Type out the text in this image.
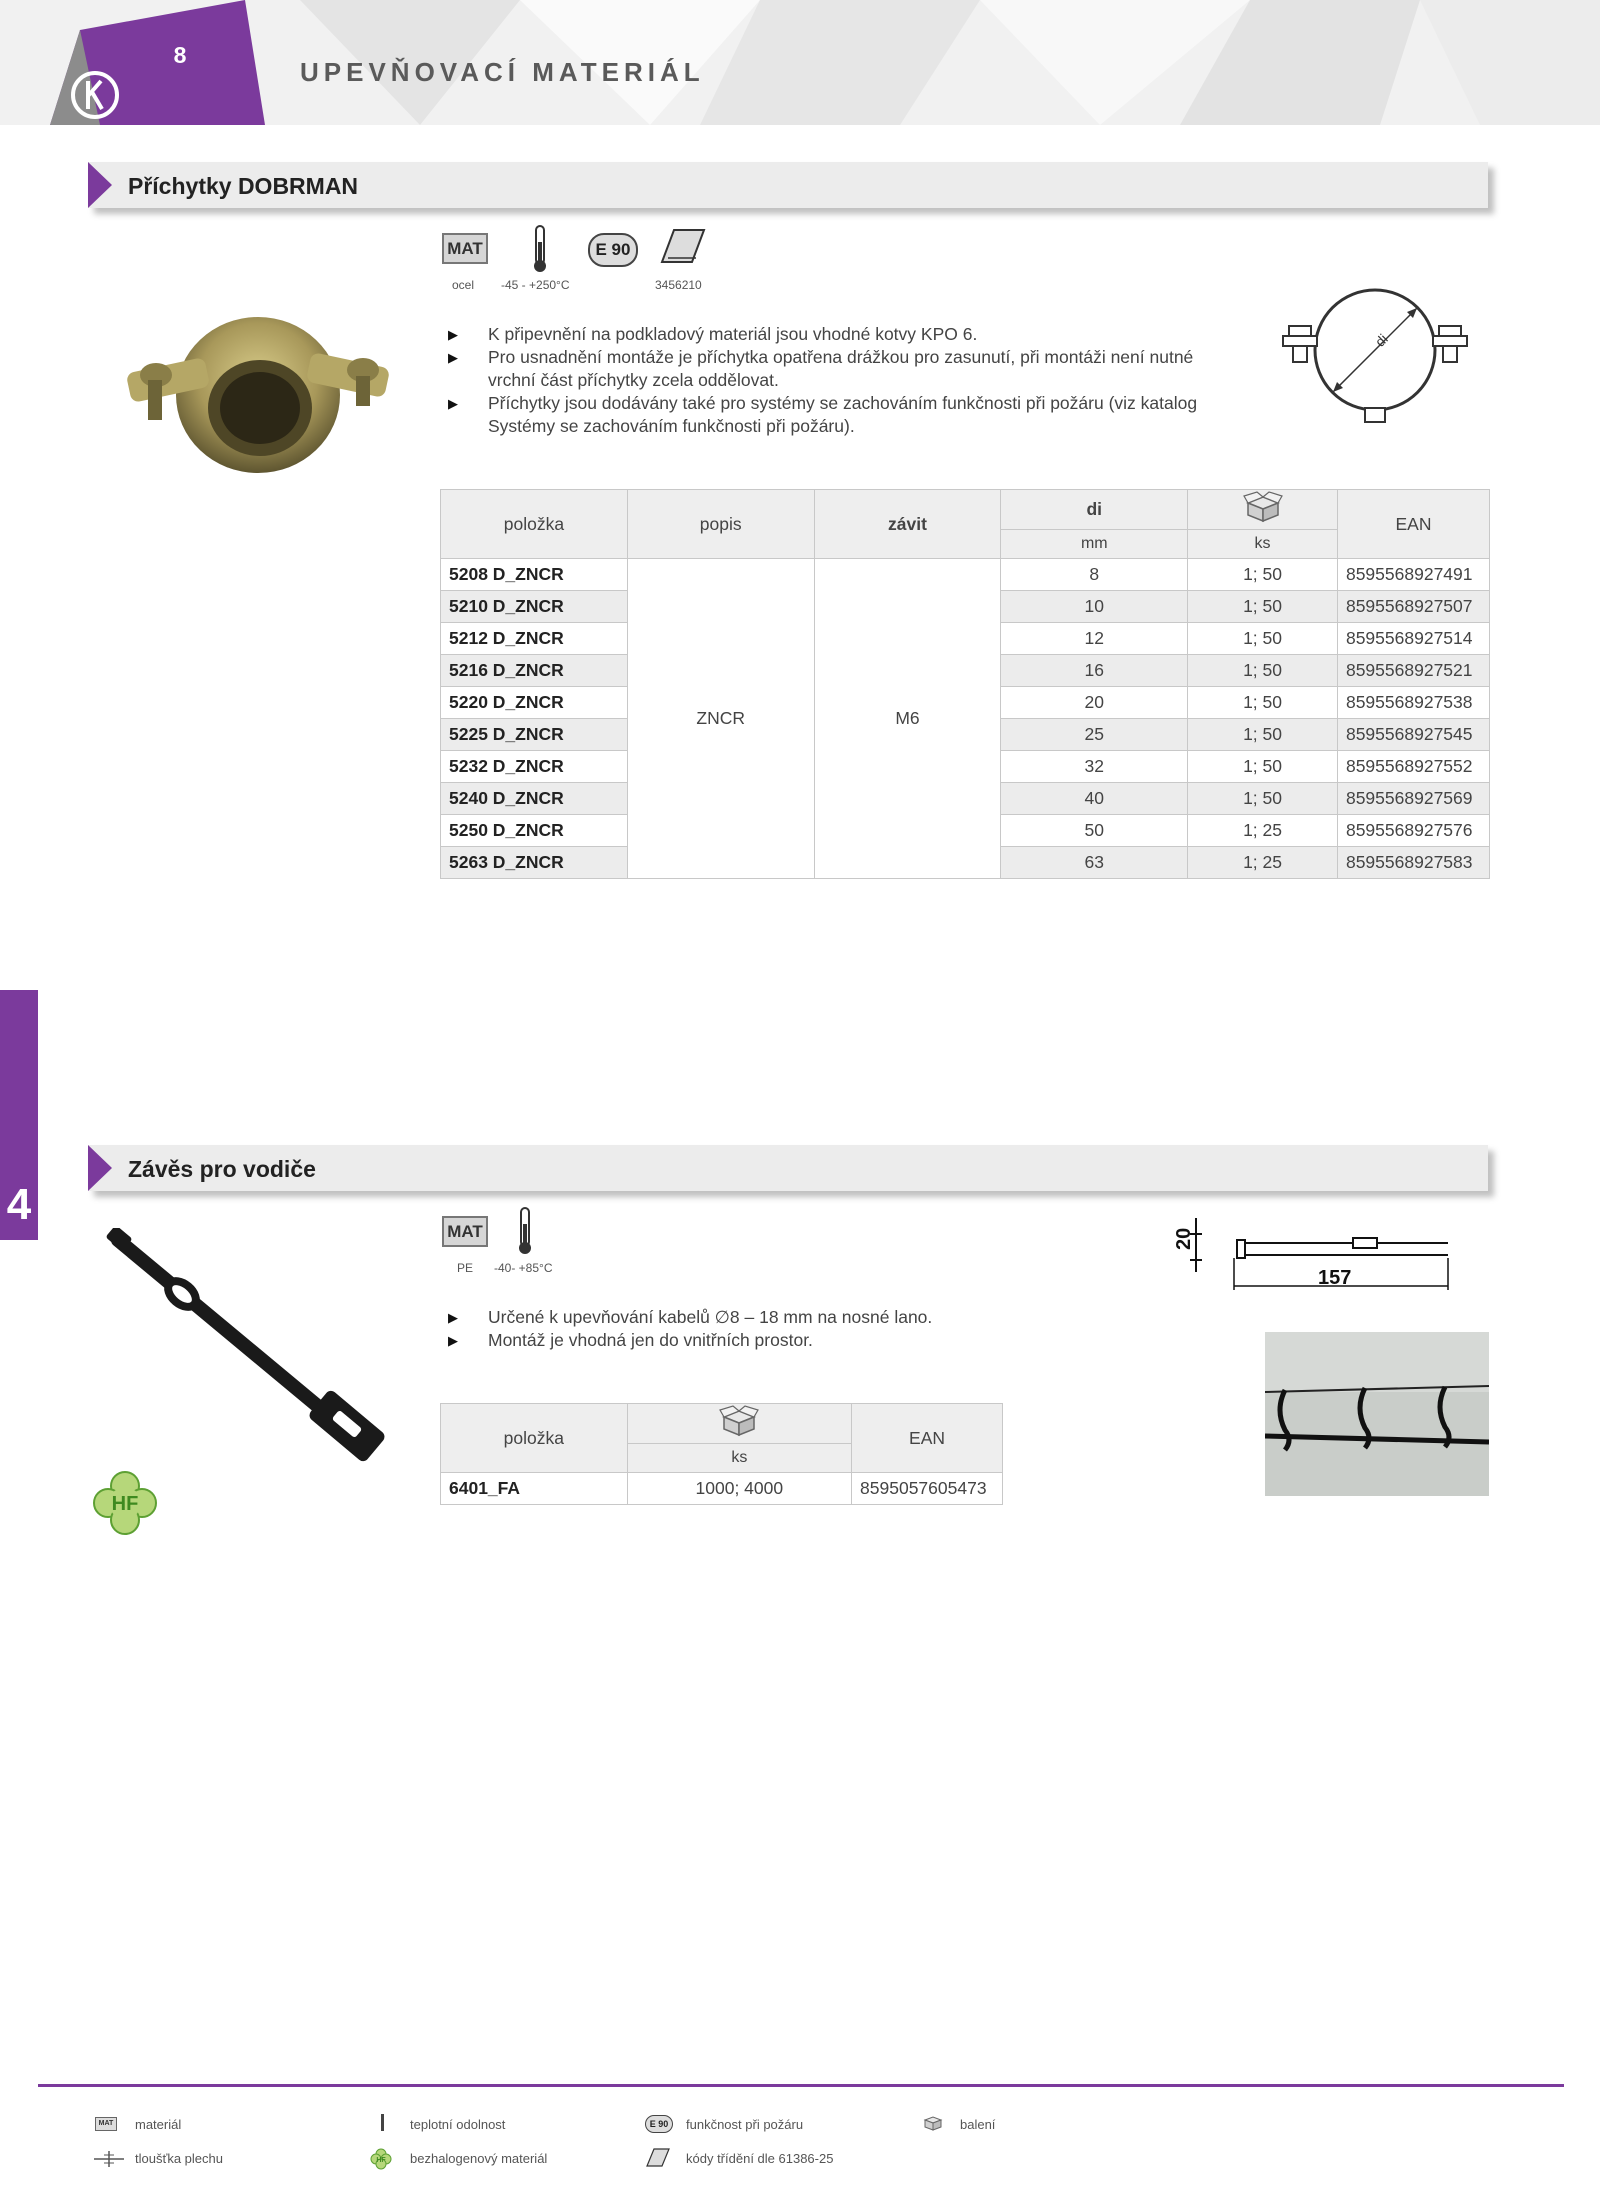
8
UPEVŇOVACÍ MATERIÁL
4
Příchytky DOBRMAN
MAT	E 90
ocel -45 - +250°C	3456210
▶ K připevnění na podkladový materiál jsou vhodné kotvy KPO 6.
▶ Pro usnadnění montáže je příchytka opatřena drážkou pro zasunutí, při montáži není nutné vrchní část příchytky zcela oddělovat.
▶ Příchytky jsou dodávány také pro systémy se zachováním funkčnosti při požáru (viz katalog Systémy se zachováním funkčnosti při požáru).
di
položka	popis	závit	di		EAN
			mm	ks	
5208 D_ZNCR	ZNCR	M6	8	1; 50	8595568927491
5210 D_ZNCR			10	1; 50	8595568927507
5212 D_ZNCR			12	1; 50	8595568927514
5216 D_ZNCR			16	1; 50	8595568927521
5220 D_ZNCR			20	1; 50	8595568927538
5225 D_ZNCR			25	1; 50	8595568927545
5232 D_ZNCR			32	1; 50	8595568927552
5240 D_ZNCR			40	1; 50	8595568927569
5250 D_ZNCR			50	1; 25	8595568927576
5263 D_ZNCR			63	1; 25	8595568927583
Závěs pro vodiče
MAT
PE -40- +85°C
HF
▶ Určené k upevňování kabelů ∅8 – 18 mm na nosné lano.
▶ Montáž je vhodná jen do vnitřních prostor.
20
157
položka		EAN
	ks	
6401_FA	1000; 4000	8595057605473
MAT materiál	teplotní odolnost	E 90	funkčnost při požáru	balení
tloušťka plechu	HF bezhalogenový materiál	kódy třídění dle 61386-25
